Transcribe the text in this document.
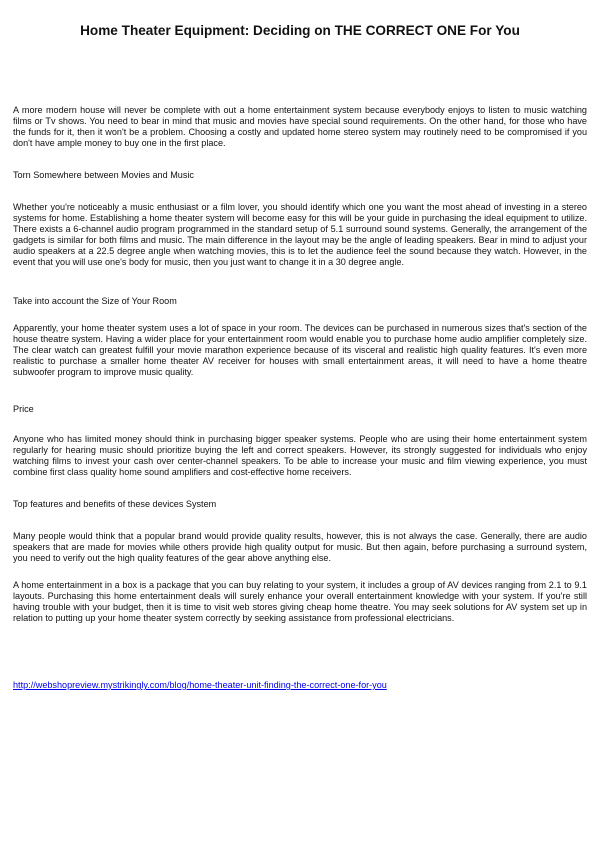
Home Theater Equipment: Deciding on THE CORRECT ONE For You

A more modern house will never be complete with out a home entertainment system because everybody enjoys to listen to music watching films or Tv shows. You need to bear in mind that music and movies have special sound requirements. On the other hand, for those who have the funds for it, then it won't be a problem. Choosing a costly and updated home stereo system may routinely need to be compromised if you don't have ample money to buy one in the first place.

Torn Somewhere between Movies and Music

Whether you're noticeably a music enthusiast or a film lover, you should identify which one you want the most ahead of investing in a stereo systems for home. Establishing a home theater system will become easy for this will be your guide in purchasing the ideal equipment to utilize. There exists a 6-channel audio program programmed in the standard setup of 5.1 surround sound systems. Generally, the arrangement of the gadgets is similar for both films and music. The main difference in the layout may be the angle of leading speakers. Bear in mind to adjust your audio speakers at a 22.5 degree angle when watching movies, this is to let the audience feel the sound because they watch. However, in the event that you will use one's body for music, then you just want to change it in a 30 degree angle.

Take into account the Size of Your Room

Apparently, your home theater system uses a lot of space in your room. The devices can be purchased in numerous sizes that's section of the house theatre system. Having a wider place for your entertainment room would enable you to purchase home audio amplifier completely size. The clear watch can greatest fulfill your movie marathon experience because of its visceral and realistic high quality features. It's even more realistic to purchase a smaller home theater AV receiver for houses with small entertainment areas, it will need to have a home theatre subwoofer program to improve music quality.

Price

Anyone who has limited money should think in purchasing bigger speaker systems. People who are using their home entertainment system regularly for hearing music should prioritize buying the left and correct speakers. However, its strongly suggested for individuals who enjoy watching films to invest your cash over center-channel speakers. To be able to increase your music and film viewing experience, you must combine first class quality home sound amplifiers and cost-effective home receivers.

Top features and benefits of these devices System

Many people would think that a popular brand would provide quality results, however, this is not always the case. Generally, there are audio speakers that are made for movies while others provide high quality output for music. But then again, before purchasing a surround system, you need to verify out the high quality features of the gear above anything else.

A home entertainment in a box is a package that you can buy relating to your system, it includes a group of AV devices ranging from 2.1 to 9.1 layouts. Purchasing this home entertainment deals will surely enhance your overall entertainment knowledge with your system. If you're still having trouble with your budget, then it is time to visit web stores giving cheap home theatre. You may seek solutions for AV system set up in relation to putting up your home theater system correctly by seeking assistance from professional electricians.

http://webshopreview.mystrikingly.com/blog/home-theater-unit-finding-the-correct-one-for-you
